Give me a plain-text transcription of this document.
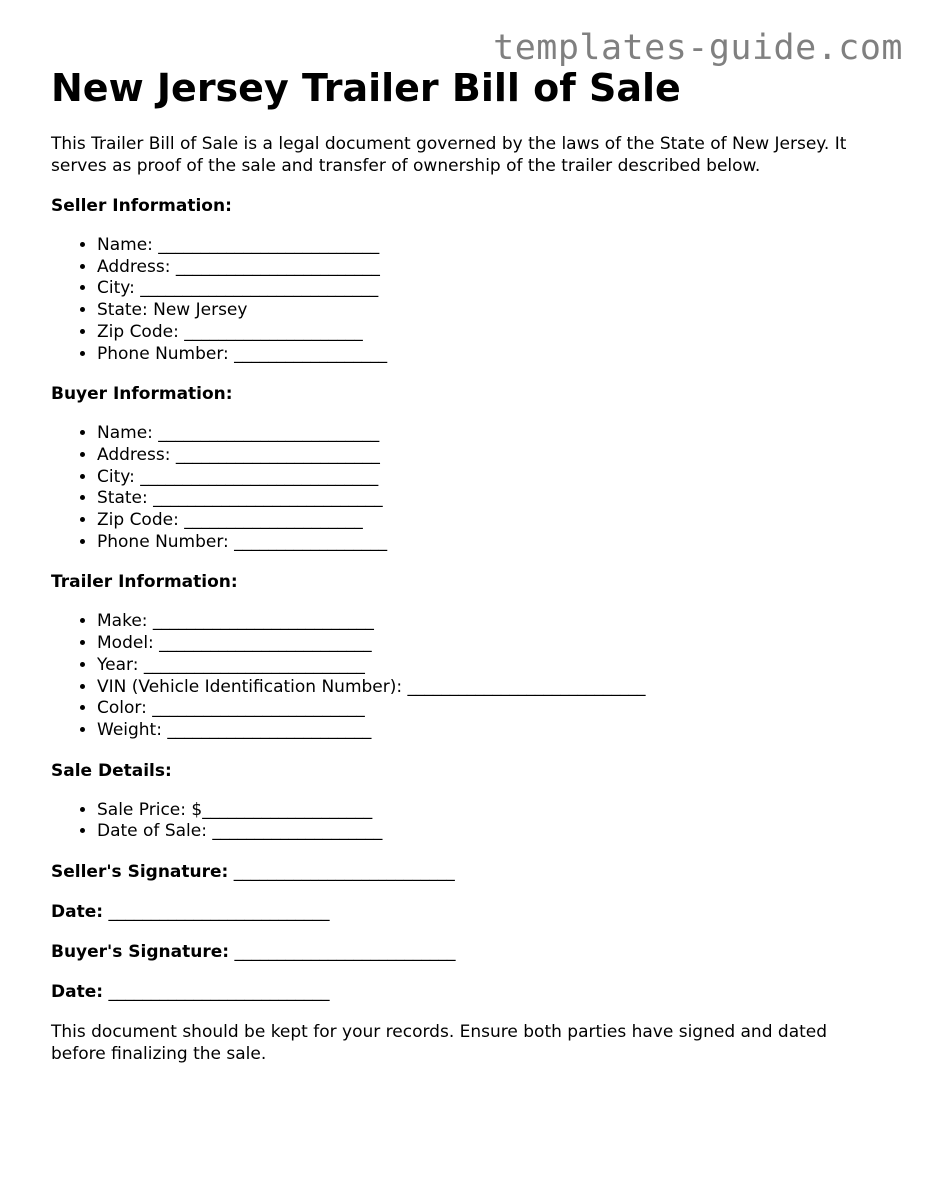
templates-guide.com
New Jersey Trailer Bill of Sale

This Trailer Bill of Sale is a legal document governed by the laws of the State of New Jersey. It serves as proof of the sale and transfer of ownership of the trailer described below.

Seller Information:

• Name: __________________________
• Address: ________________________
• City: ____________________________
• State: New Jersey
• Zip Code: _____________________
• Phone Number: __________________

Buyer Information:

• Name: __________________________
• Address: ________________________
• City: ____________________________
• State: ___________________________
• Zip Code: _____________________
• Phone Number: __________________

Trailer Information:

• Make: __________________________
• Model: _________________________
• Year: __________________________
• VIN (Vehicle Identification Number): ____________________________
• Color: _________________________
• Weight: ________________________

Sale Details:

• Sale Price: $____________________
• Date of Sale: ____________________

Seller's Signature: __________________________

Date: __________________________

Buyer's Signature: __________________________

Date: __________________________

This document should be kept for your records. Ensure both parties have signed and dated before finalizing the sale.
